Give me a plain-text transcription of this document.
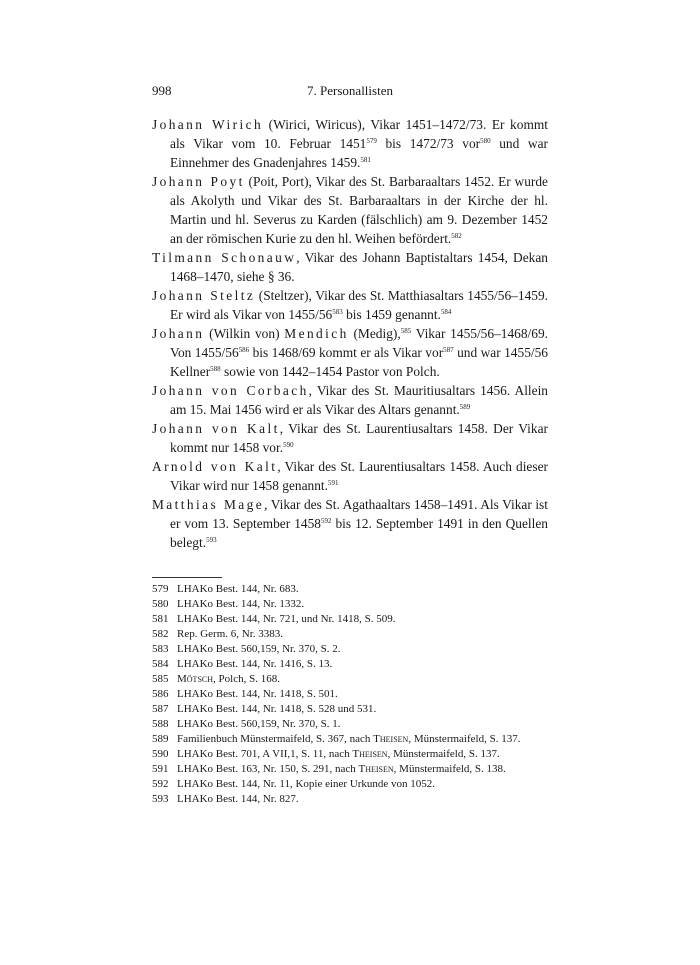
998	7. Personallisten

Johann Wirich (Wirici, Wiricus), Vikar 1451–1472/73. Er kommt als Vikar vom 10. Februar 1451$^{579}$ bis 1472/73 vor$^{580}$ und war Einnehmer des Gnadenjahres 1459.$^{581}$

Johann Poyt (Poit, Port), Vikar des St. Barbaraaltars 1452. Er wurde als Akolyth und Vikar des St. Barbaraaltars in der Kirche der hl. Martin und hl. Severus zu Karden (fälschlich) am 9. Dezember 1452 an der römischen Kurie zu den hl. Weihen befördert.$^{582}$

Tilmann Schonauw, Vikar des Johann Baptistaltars 1454, Dekan 1468–1470, siehe § 36.

Johann Steltz (Steltzer), Vikar des St. Matthiasaltars 1455/56–1459. Er wird als Vikar von $1455/56^{583}$ bis 1459 genannt.$^{584}$

Johann (Wilkin von) Mendich (Medig),$^{585}$ Vikar 1455/56–1468/69. Von $1455/56^{586}$ bis 1468/69 kommt er als Vikar vor$^{587}$ und war 1455/56 Kellner$^{588}$ sowie von 1442–1454 Pastor von Polch.

Johann von Corbach, Vikar des St. Mauritiusaltars 1456. Allein am 15. Mai 1456 wird er als Vikar des Altars genannt.$^{589}$

Johann von Kalt, Vikar des St. Laurentiusaltars 1458. Der Vikar kommt nur 1458 vor.$^{590}$

Arnold von Kalt, Vikar des St. Laurentiusaltars 1458. Auch dieser Vikar wird nur 1458 genannt.$^{591}$

Matthias Mage, Vikar des St. Agathaaltars 1458–1491. Als Vikar ist er vom 13. September 1458$^{592}$ bis 12. September 1491 in den Quellen belegt.$^{593}$

579 LHAKo Best. 144, Nr. 683.
580 LHAKo Best. 144, Nr. 1332.
581 LHAKo Best. 144, Nr. 721, und Nr. 1418, S. 509.
582 Rep. Germ. 6, Nr. 3383.
583 LHAKo Best. 560,159, Nr. 370, S. 2.
584 LHAKo Best. 144, Nr. 1416, S. 13.
585 Mötsch, Polch, S. 168.
586 LHAKo Best. 144, Nr. 1418, S. 501.
587 LHAKo Best. 144, Nr. 1418, S. 528 und 531.
588 LHAKo Best. 560,159, Nr. 370, S. 1.
589 Familienbuch Münstermaifeld, S. 367, nach Theisen, Münstermaifeld, S. 137.
590 LHAKo Best. 701, A VII,1, S. 11, nach Theisen, Münstermaifeld, S. 137.
591 LHAKo Best. 163, Nr. 150, S. 291, nach Theisen, Münstermaifeld, S. 138.
592 LHAKo Best. 144, Nr. 11, Kopie einer Urkunde von 1052.
593 LHAKo Best. 144, Nr. 827.
